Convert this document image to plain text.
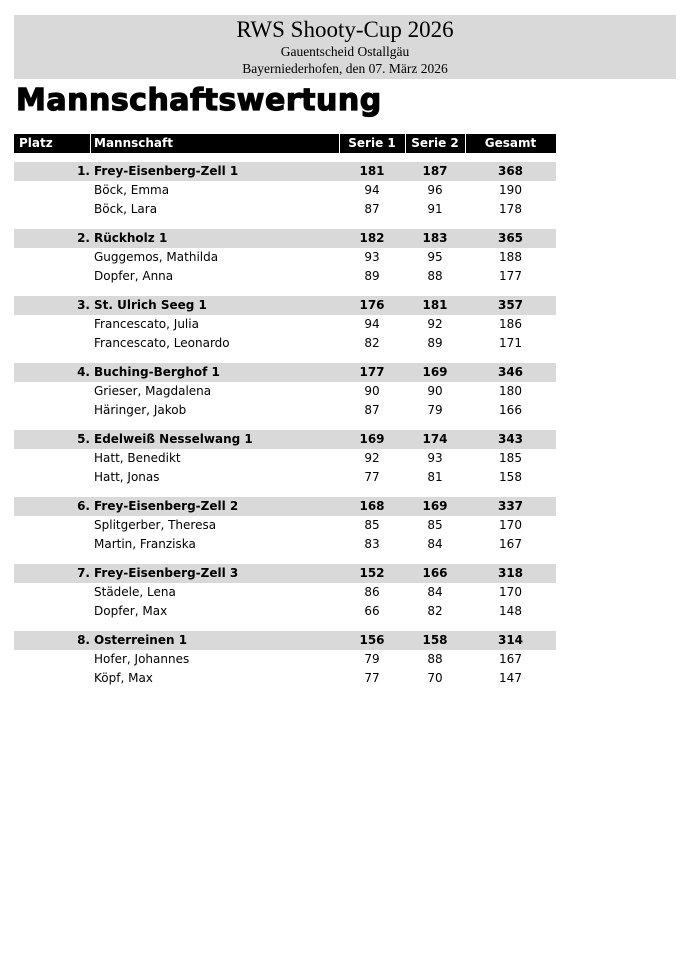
RWS Shooty-Cup 2026
Gauentscheid Ostallgäu
Bayerniederhofen, den 07. März 2026
Mannschaftswertung
Platz	Mannschaft	Serie 1	Serie 2	Gesamt
1. Frey-Eisenberg-Zell 1	181	187	368
Böck, Emma	94	96	190
Böck, Lara	87	91	178
2. Rückholz 1	182	183	365
Guggemos, Mathilda	93	95	188
Dopfer, Anna	89	88	177
3. St. Ulrich Seeg 1	176	181	357
Francescato, Julia	94	92	186
Francescato, Leonardo	82	89	171
4. Buching-Berghof 1	177	169	346
Grieser, Magdalena	90	90	180
Häringer, Jakob	87	79	166
5. Edelweiß Nesselwang 1	169	174	343
Hatt, Benedikt	92	93	185
Hatt, Jonas	77	81	158
6. Frey-Eisenberg-Zell 2	168	169	337
Splitgerber, Theresa	85	85	170
Martin, Franziska	83	84	167
7. Frey-Eisenberg-Zell 3	152	166	318
Städele, Lena	86	84	170
Dopfer, Max	66	82	148
8. Osterreinen 1	156	158	314
Hofer, Johannes	79	88	167
Köpf, Max	77	70	147
